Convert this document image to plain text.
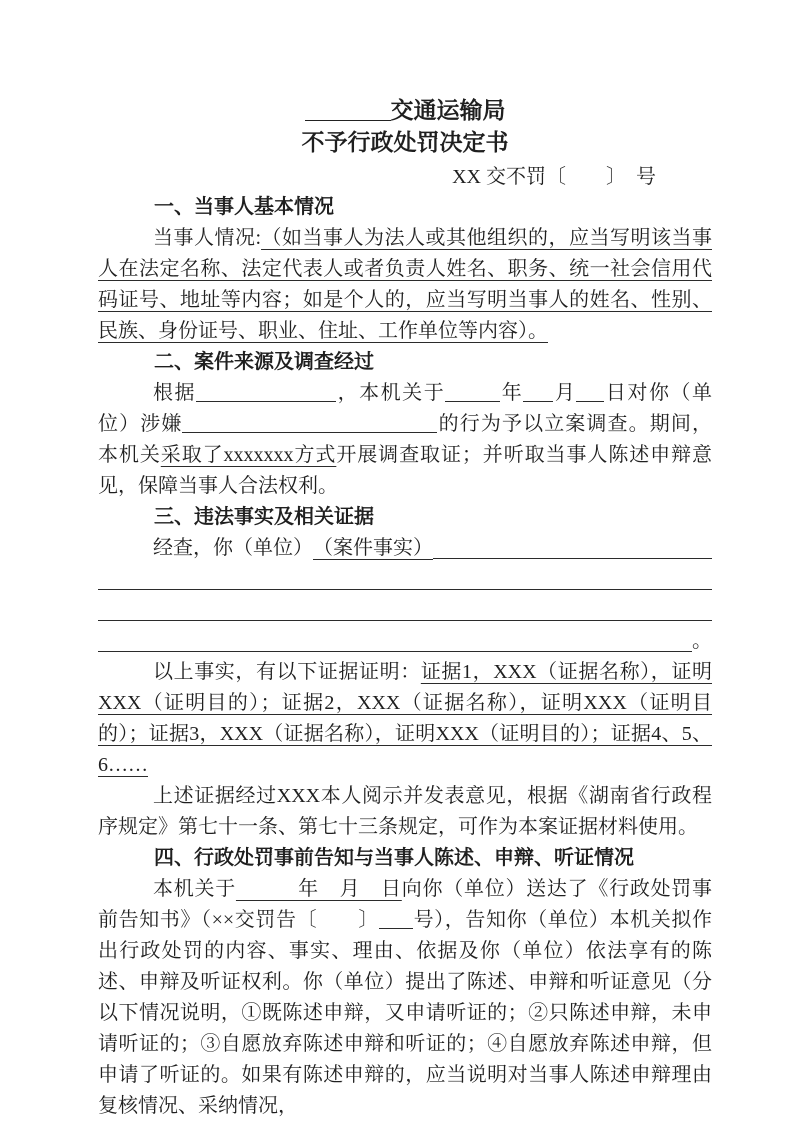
交通运输局
不予行政处罚决定书
XX 交不罚〔　　〕　号

一、当事人基本情况

当事人情况:（如当事人为法人或其他组织的，应当写明该当事人在法定名称、法定代表人或者负责人姓名、职务、统一社会信用代码证号、地址等内容；如是个人的，应当写明当事人的姓名、性别、民族、身份证号、职业、住址、工作单位等内容）。

二、案件来源及调查经过

根据	，本机关于	年 月 日对你（单位）涉嫌	的行为予以立案调查。期间，本机关采取了xxxxxxx方式开展调查取证；并听取当事人陈述申辩意见，保障当事人合法权利。

三、违法事实及相关证据

经查，你（单位） （案件事实）
。

以上事实，有以下证据证明：证据1，XXX（证据名称），证明XXX（证明目的）；证据2，XXX（证据名称），证明XXX（证明目的）；证据3，XXX（证据名称），证明XXX（证明目的）；证据4、5、6……

上述证据经过XXX本人阅示并发表意见，根据《湖南省行政程序规定》第七十一条、第七十三条规定，可作为本案证据材料使用。

四、行政处罚事前告知与当事人陈述、申辩、听证情况

本机关于　　　年　月　日向你（单位）送达了《行政处罚事前告知书》（××交罚告〔　　〕 号），告知你（单位）本机关拟作出行政处罚的内容、事实、理由、依据及你（单位）依法享有的陈述、申辩及听证权利。你（单位）提出了陈述、申辩和听证意见（分以下情况说明，①既陈述申辩，又申请听证的；②只陈述申辩，未申请听证的；③自愿放弃陈述申辩和听证的；④自愿放弃陈述申辩，但申请了听证的。如果有陈述申辩的，应当说明对当事人陈述申辩理由复核情况、采纳情况，
